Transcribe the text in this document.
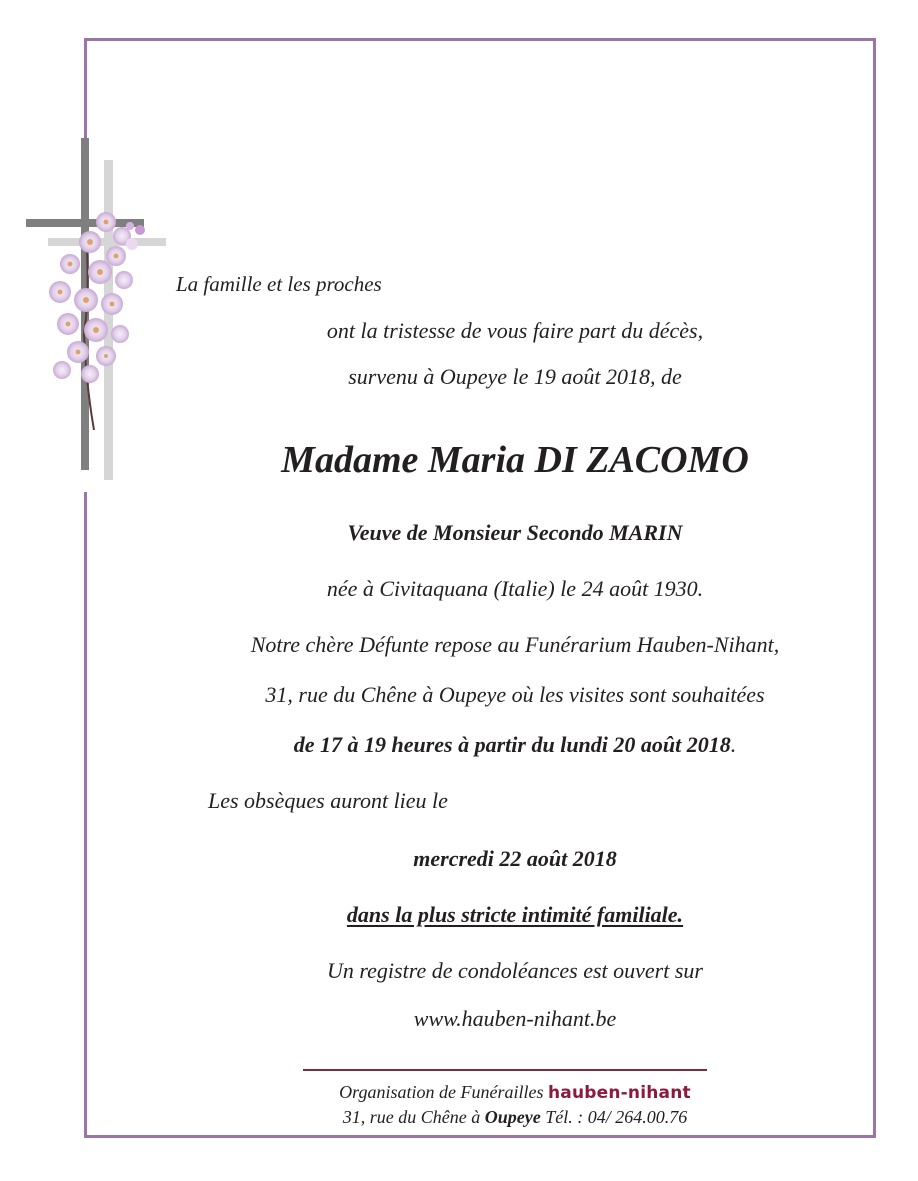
La famille et les proches
ont la tristesse de vous faire part du décès,
survenu à Oupeye le 19 août 2018, de
Madame Maria DI ZACOMO
Veuve de Monsieur Secondo MARIN
née à Civitaquana (Italie) le 24 août 1930.
Notre chère Défunte repose au Funérarium Hauben-Nihant,
31, rue du Chêne à Oupeye où les visites sont souhaitées
de 17 à 19 heures à partir du lundi 20 août 2018.
Les obsèques auront lieu le
mercredi 22 août 2018
dans la plus stricte intimité familiale.
Un registre de condoléances est ouvert sur
www.hauben-nihant.be
Organisation de Funérailles hauben-nihant
31, rue du Chêne à Oupeye Tél. : 04/ 264.00.76
